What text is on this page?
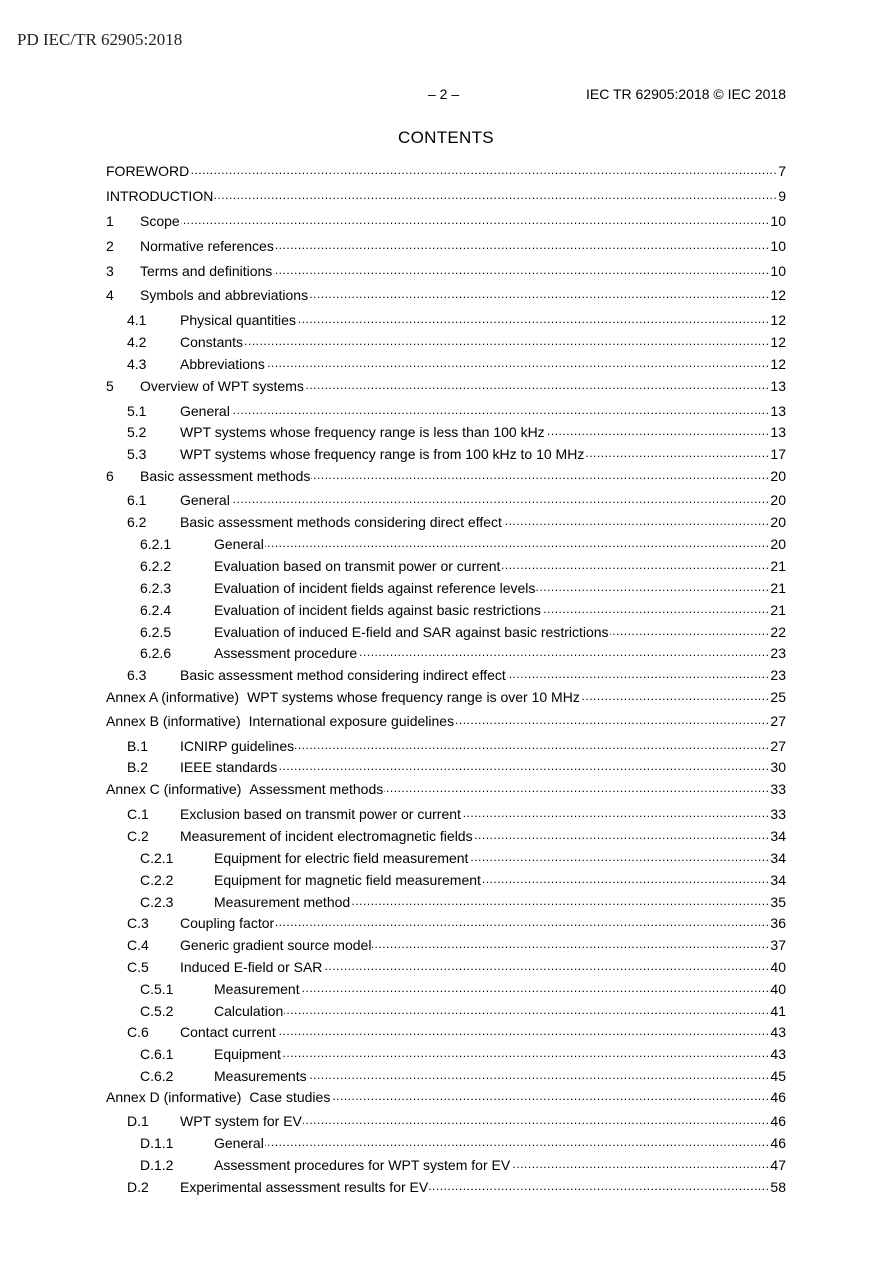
PD IEC/TR 62905:2018
– 2 –	IEC TR 62905:2018 © IEC 2018
CONTENTS
FOREWORD .....	7
INTRODUCTION .....	9
1	Scope .....	10
2	Normative references .....	10
3	Terms and definitions .....	10
4	Symbols and abbreviations .....	12
4.1	Physical quantities .....	12
4.2	Constants .....	12
4.3	Abbreviations .....	12
5	Overview of WPT systems .....	13
5.1	General .....	13
5.2	WPT systems whose frequency range is less than 100 kHz .....	13
5.3	WPT systems whose frequency range is from 100 kHz to 10 MHz .....	17
6	Basic assessment methods .....	20
6.1	General .....	20
6.2	Basic assessment methods considering direct effect .....	20
6.2.1	General .....	20
6.2.2	Evaluation based on transmit power or current .....	21
6.2.3	Evaluation of incident fields against reference levels .....	21
6.2.4	Evaluation of incident fields against basic restrictions .....	21
6.2.5	Evaluation of induced E-field and SAR against basic restrictions .....	22
6.2.6	Assessment procedure .....	23
6.3	Basic assessment method considering indirect effect .....	23
Annex A (informative) WPT systems whose frequency range is over 10 MHz .....	25
Annex B (informative) International exposure guidelines .....	27
B.1	ICNIRP guidelines .....	27
B.2	IEEE standards .....	30
Annex C (informative) Assessment methods .....	33
C.1	Exclusion based on transmit power or current .....	33
C.2	Measurement of incident electromagnetic fields .....	34
C.2.1	Equipment for electric field measurement .....	34
C.2.2	Equipment for magnetic field measurement .....	34
C.2.3	Measurement method .....	35
C.3	Coupling factor .....	36
C.4	Generic gradient source model .....	37
C.5	Induced E-field or SAR .....	40
C.5.1	Measurement .....	40
C.5.2	Calculation .....	41
C.6	Contact current .....	43
C.6.1	Equipment .....	43
C.6.2	Measurements .....	45
Annex D (informative) Case studies .....	46
D.1	WPT system for EV .....	46
D.1.1	General .....	46
D.1.2	Assessment procedures for WPT system for EV .....	47
D.2	Experimental assessment results for EV .....	58
